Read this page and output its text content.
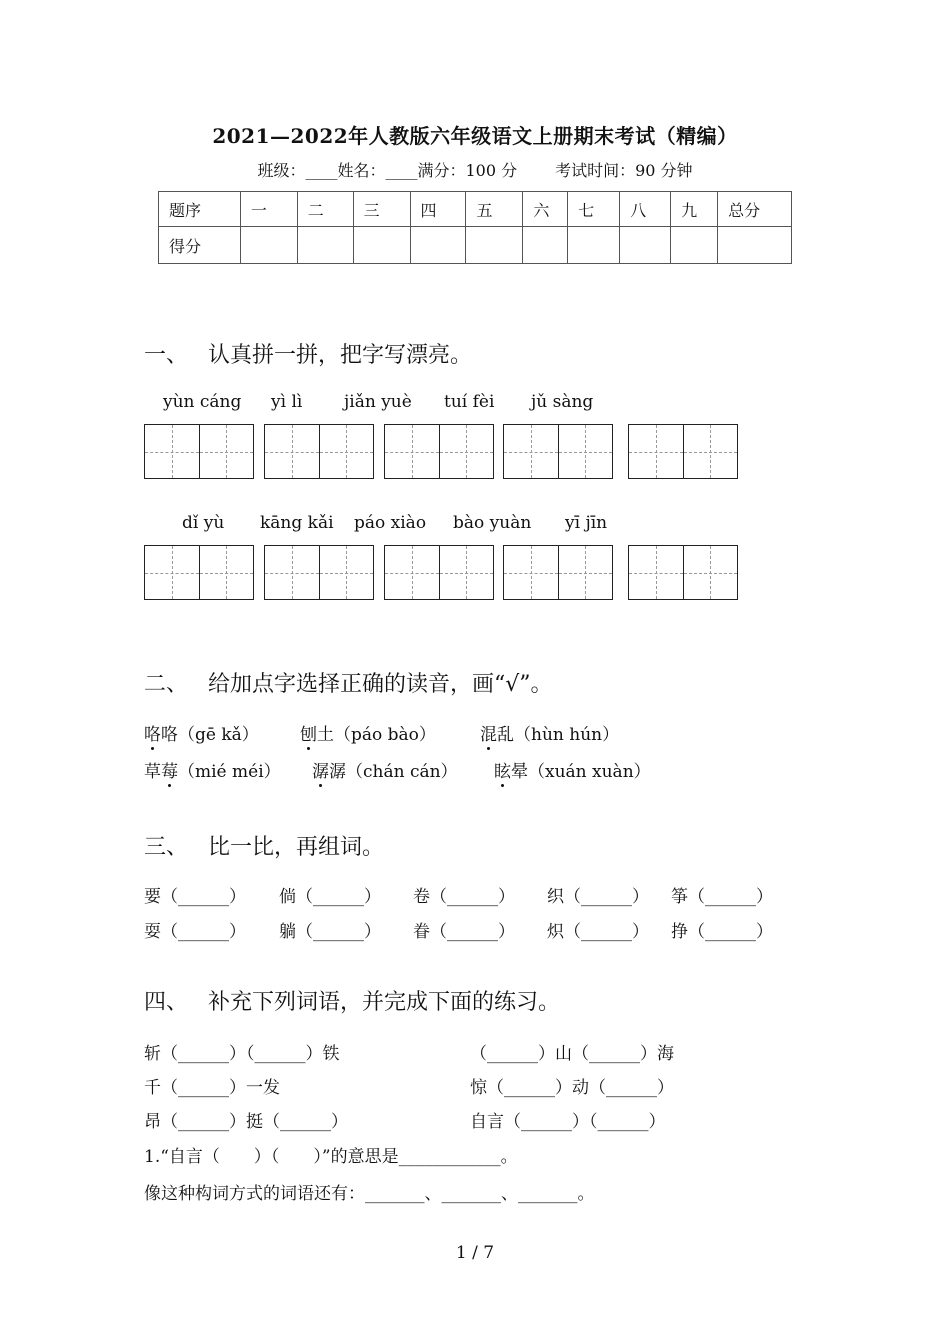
2021—2022年人教版六年级语文上册期末考试（精编）
班级：____姓名：____满分：100 分 考试时间：90 分钟
题序	一	二	三	四	五	六	七	八	九	总分
得分										
一、 认真拼一拼，把字写漂亮。
yùn cáng yì lì jiǎn yuè tuí fèi jǔ sàng
dǐ yù kāng kǎi páo xiào bào yuàn yī jīn
二、 给加点字选择正确的读音，画“√”。
咯咯（gē kǎ） 刨土（páo bào）	混乱（hùn hún）
草莓（mié méi） 潺潺（chán cán） 眩晕（xuán xuàn）
三、 比一比，再组词。
要（______） 倘（______） 卷（______） 织（______） 筝（______）
耍（______） 躺（______） 眷（______） 炽（______） 挣（______）
四、 补充下列词语，并完成下面的练习。
斩（______）（______）铁	（______）山（______）海
千（______）一发	惊（______）动（______）
昂（______）挺（______）	自言（______）（______）
1.“自言（　　）（　　）”的意思是____________。
像这种构词方式的词语还有：_______、_______、_______。
1 / 7
